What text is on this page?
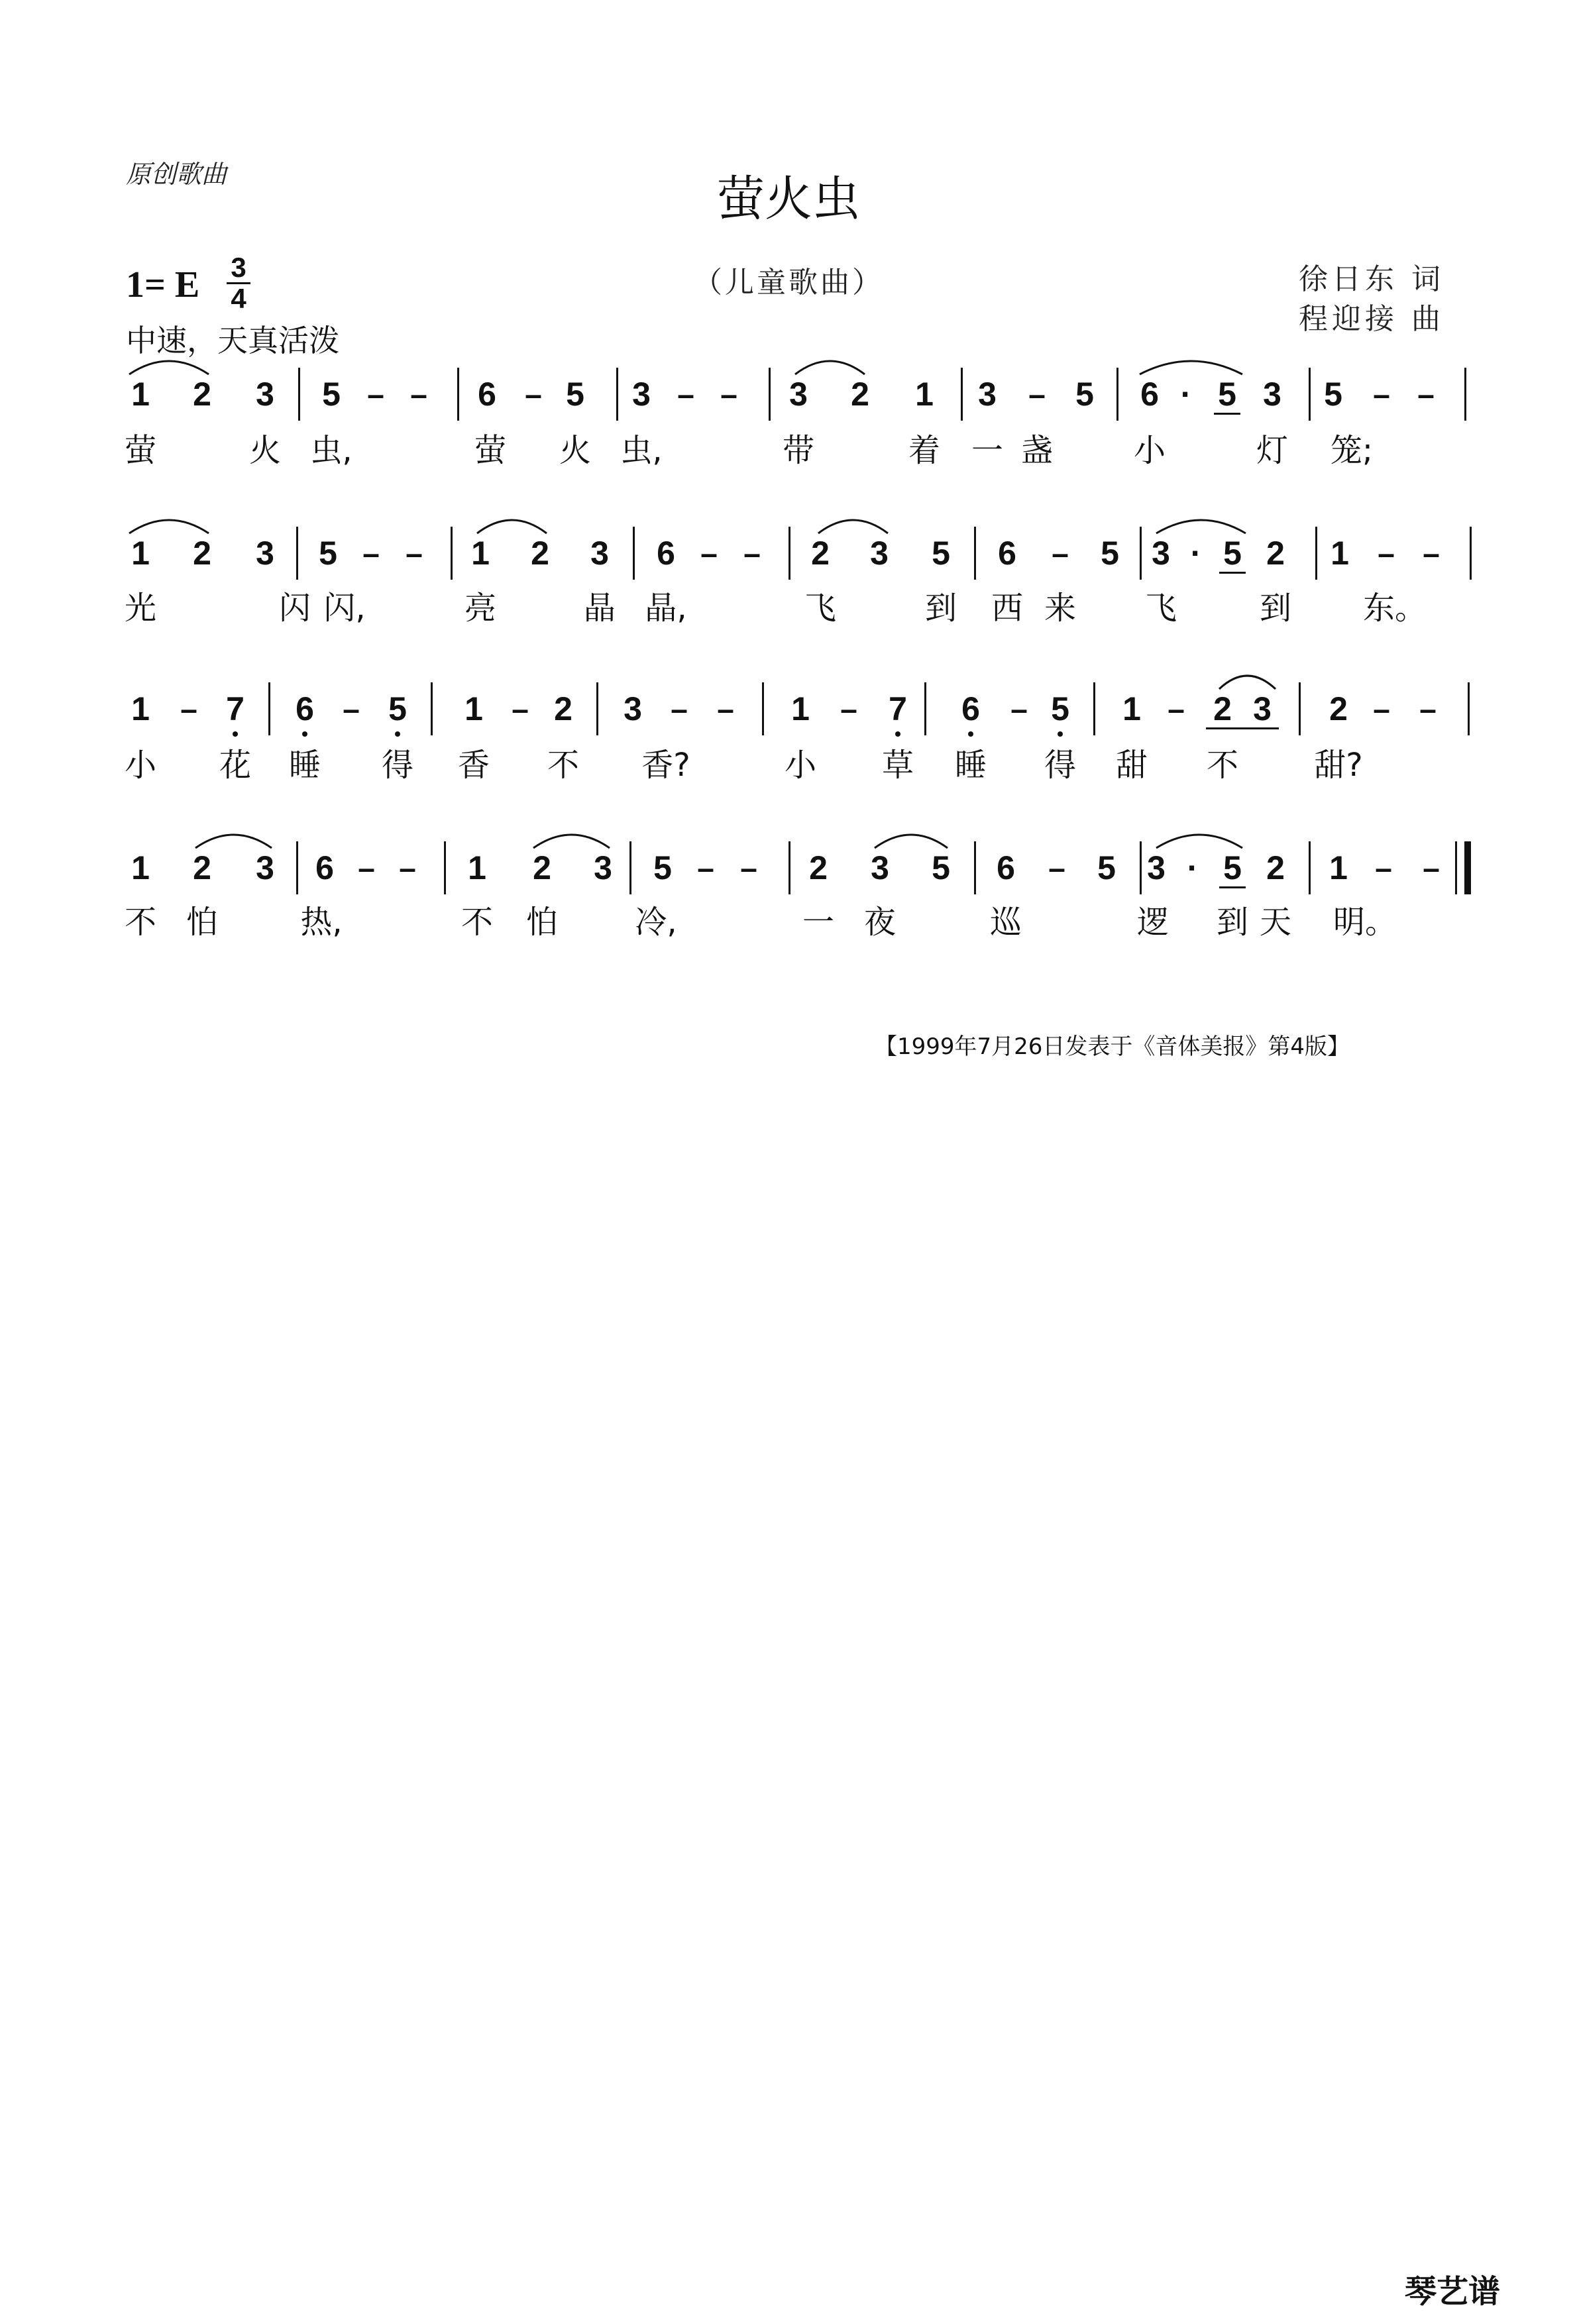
原创歌曲	萤火虫
（儿童歌曲）	徐日东 词
程迎接 曲
1= E 3
4
中速，天真活泼
1 2 3 5 – – 6 – 5 3 – – 3 2 1 3 – 5 6 · 5 3 5 – –
萤	火 虫,	萤 火 虫,	带	着 一 盏	小	灯 笼;
1 2 3 5 – – 1 2 3 6 – – 2 3 5 6 – 5 3 · 5 2 1 – –
光	闪 闪,	亮	晶 晶,	飞	到 西 来 飞	到 东。
1 – 7 6 – 5 1 – 2 3 – – 1 – 7 6 – 5 1 – 2 3 2 – –
小 花 睡 得 香 不 香?	小 草 睡 得 甜 不 甜?
1 2 3 6 – – 1 2 3 5 – – 2 3 5 6 – 5 3 · 5 2 1 – –
不 怕	热,	不 怕 冷,	一 夜	巡	逻 到 天 明。
【1999年7月26日发表于《音体美报》第4版】
琴艺谱
